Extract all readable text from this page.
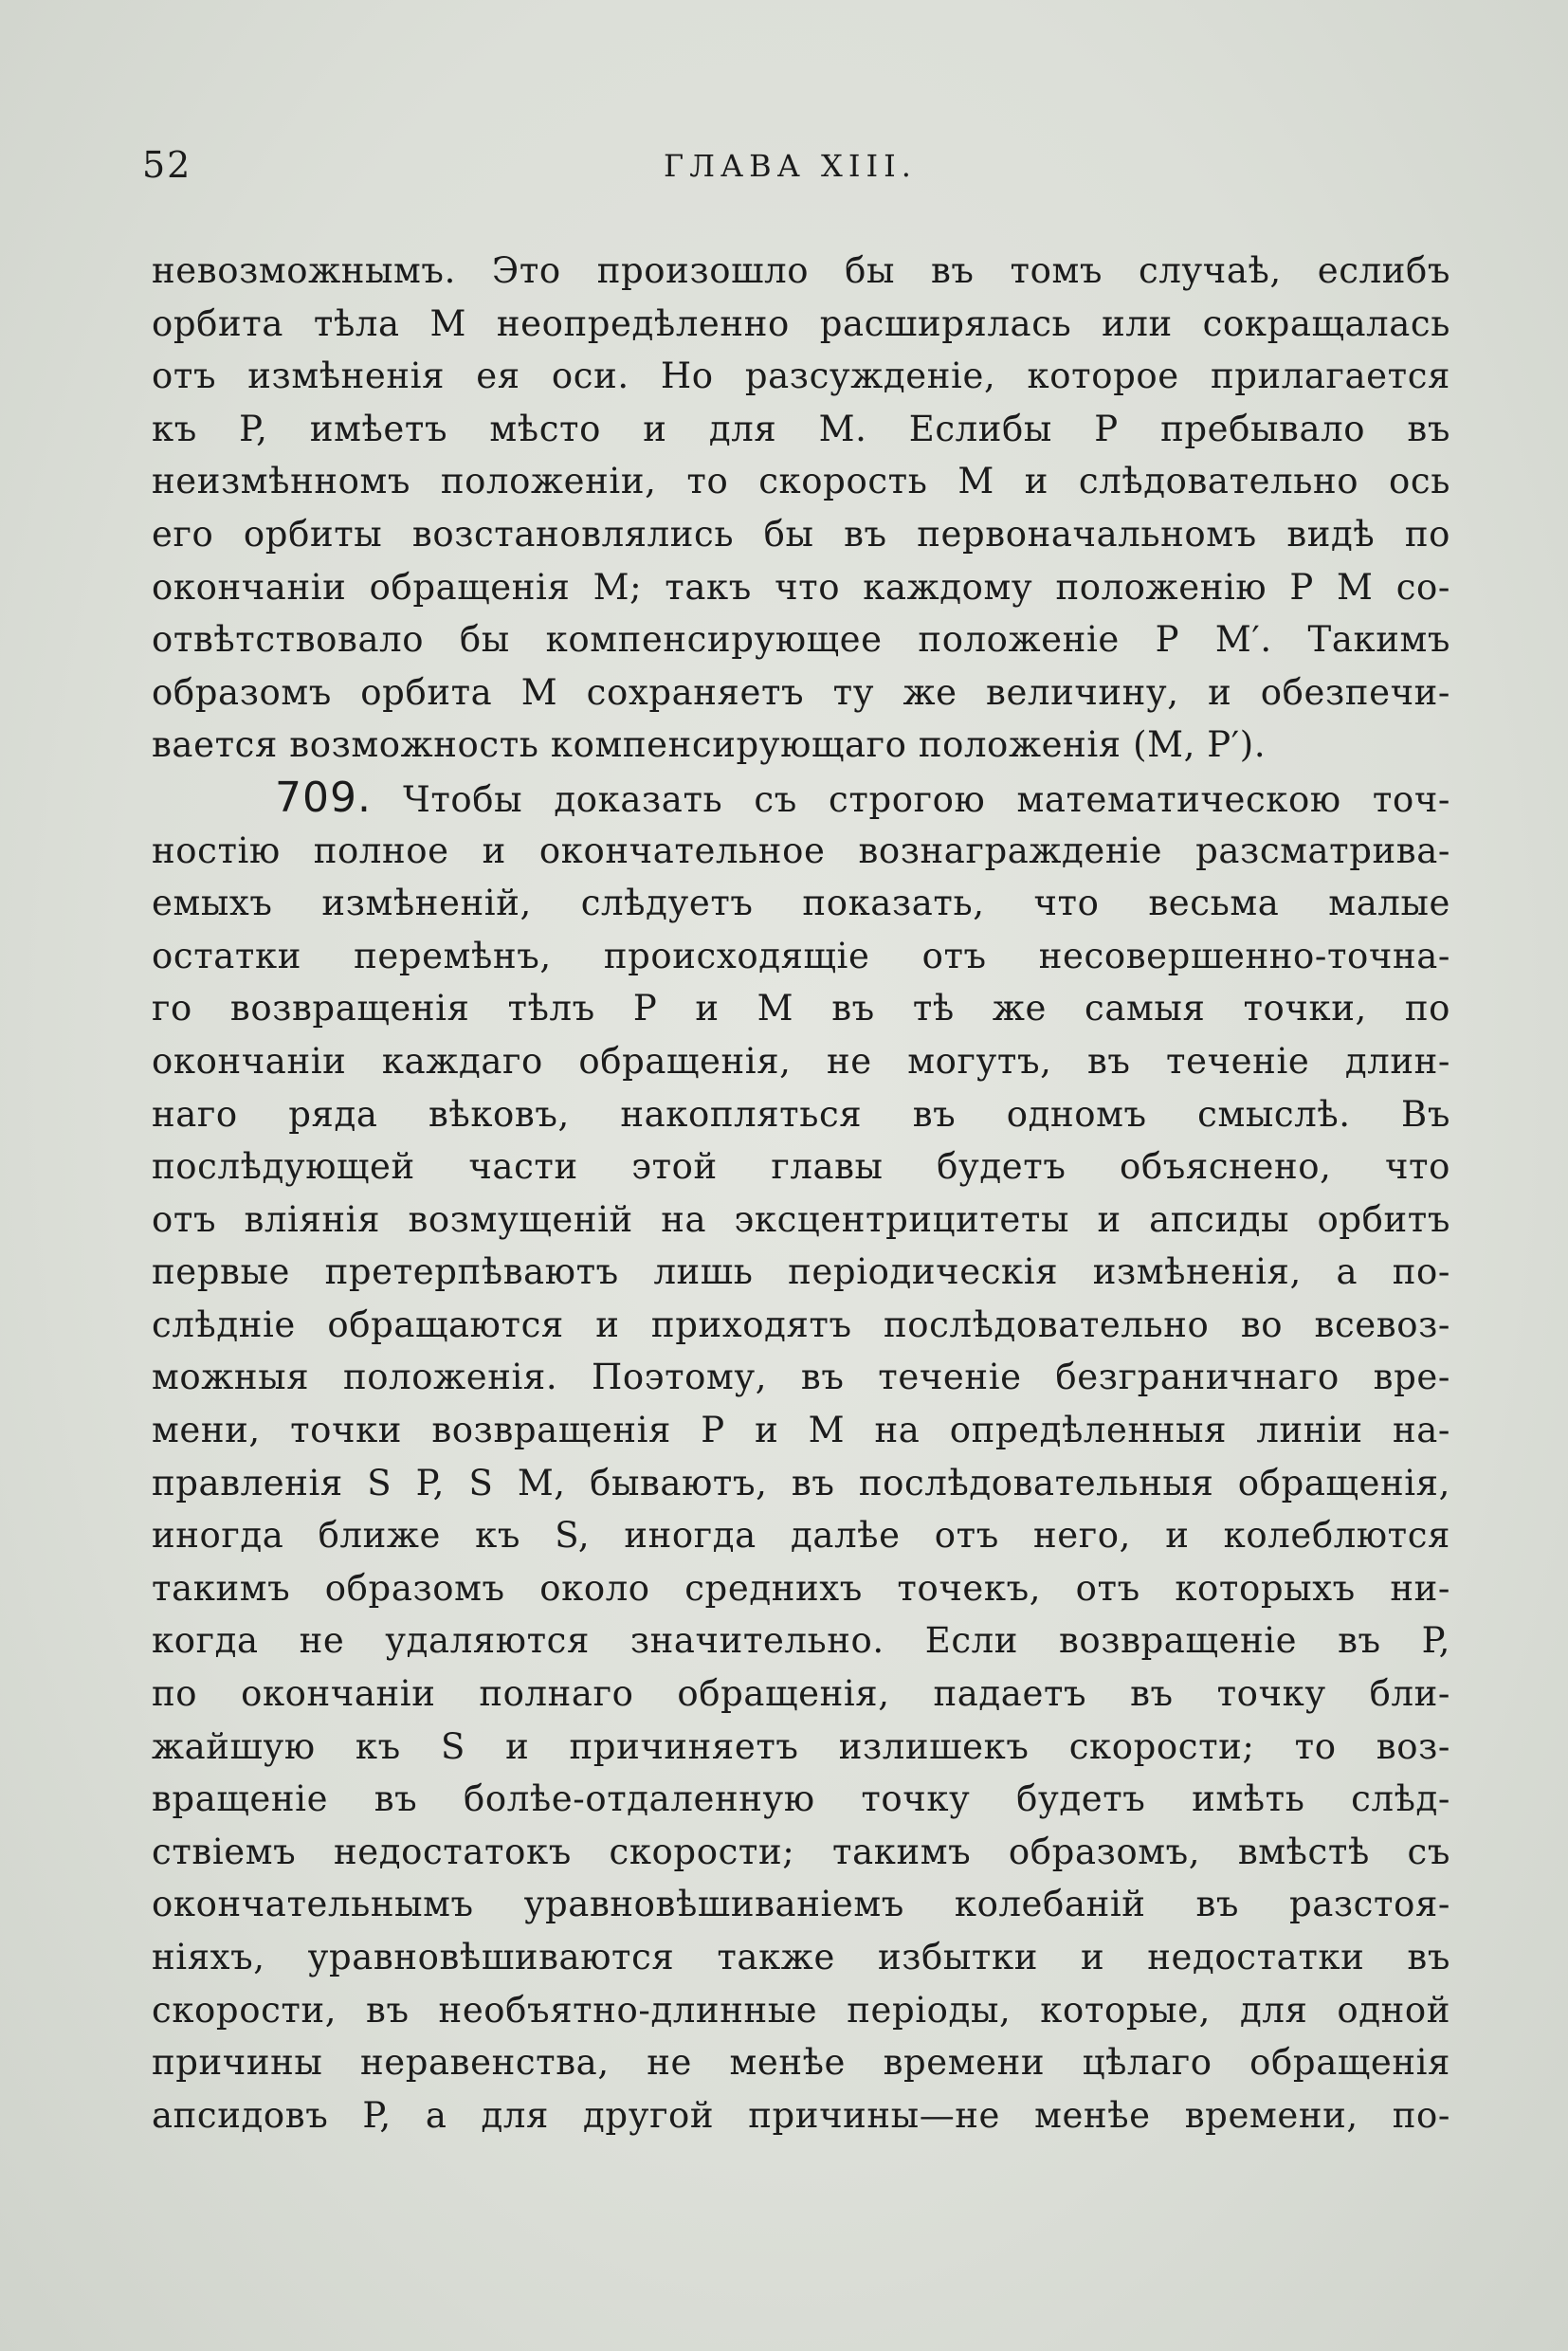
52	ГЛАВА XIII.
невозможнымъ. Это произошло бы въ томъ случаѣ, еслибъ
орбита тѣла M неопредѣленно расширялась или сокращалась
отъ измѣненія ея оси. Но разсужденіе, которое прилагается
къ P, имѣетъ мѣсто и для M. Еслибы P пребывало въ
неизмѣнномъ положеніи, то скорость M и слѣдовательно ось
его орбиты возстановлялись бы въ первоначальномъ видѣ по
окончаніи обращенія M; такъ что каждому положенію P M со-
отвѣтствовало бы компенсирующее положеніе P M′. Такимъ
образомъ орбита M сохраняетъ ту же величину, и обезпечи-
вается возможность компенсирующаго положенія (M, P′).
709. Чтобы доказать съ строгою математическою точ-
ностію полное и окончательное вознагражденіе разсматрива-
емыхъ измѣненій, слѣдуетъ показать, что весьма малые
остатки перемѣнъ, происходящіе отъ несовершенно-точна-
го возвращенія тѣлъ P и M въ тѣ же самыя точки, по
окончаніи каждаго обращенія, не могутъ, въ теченіе длин-
наго ряда вѣковъ, накопляться въ одномъ смыслѣ. Въ
послѣдующей части этой главы будетъ объяснено, что
отъ вліянія возмущеній на эксцентрицитеты и апсиды орбитъ
первые претерпѣваютъ лишь періодическія измѣненія, а по-
слѣдніе обращаются и приходятъ послѣдовательно во всевоз-
можныя положенія. Поэтому, въ теченіе безграничнаго вре-
мени, точки возвращенія P и M на опредѣленныя линіи на-
правленія S P, S M, бываютъ, въ послѣдовательныя обращенія,
иногда ближе къ S, иногда далѣе отъ него, и колеблются
такимъ образомъ около среднихъ точекъ, отъ которыхъ ни-
когда не удаляются значительно. Если возвращеніе въ P,
по окончаніи полнаго обращенія, падаетъ въ точку бли-
жайшую къ S и причиняетъ излишекъ скорости; то воз-
вращеніе въ болѣе-отдаленную точку будетъ имѣть слѣд-
ствіемъ недостатокъ скорости; такимъ образомъ, вмѣстѣ съ
окончательнымъ уравновѣшиваніемъ колебаній въ разстоя-
ніяхъ, уравновѣшиваются также избытки и недостатки въ
скорости, въ необъятно-длинные періоды, которые, для одной
причины неравенства, не менѣе времени цѣлаго обращенія
апсидовъ P, а для другой причины—не менѣе времени, по-
